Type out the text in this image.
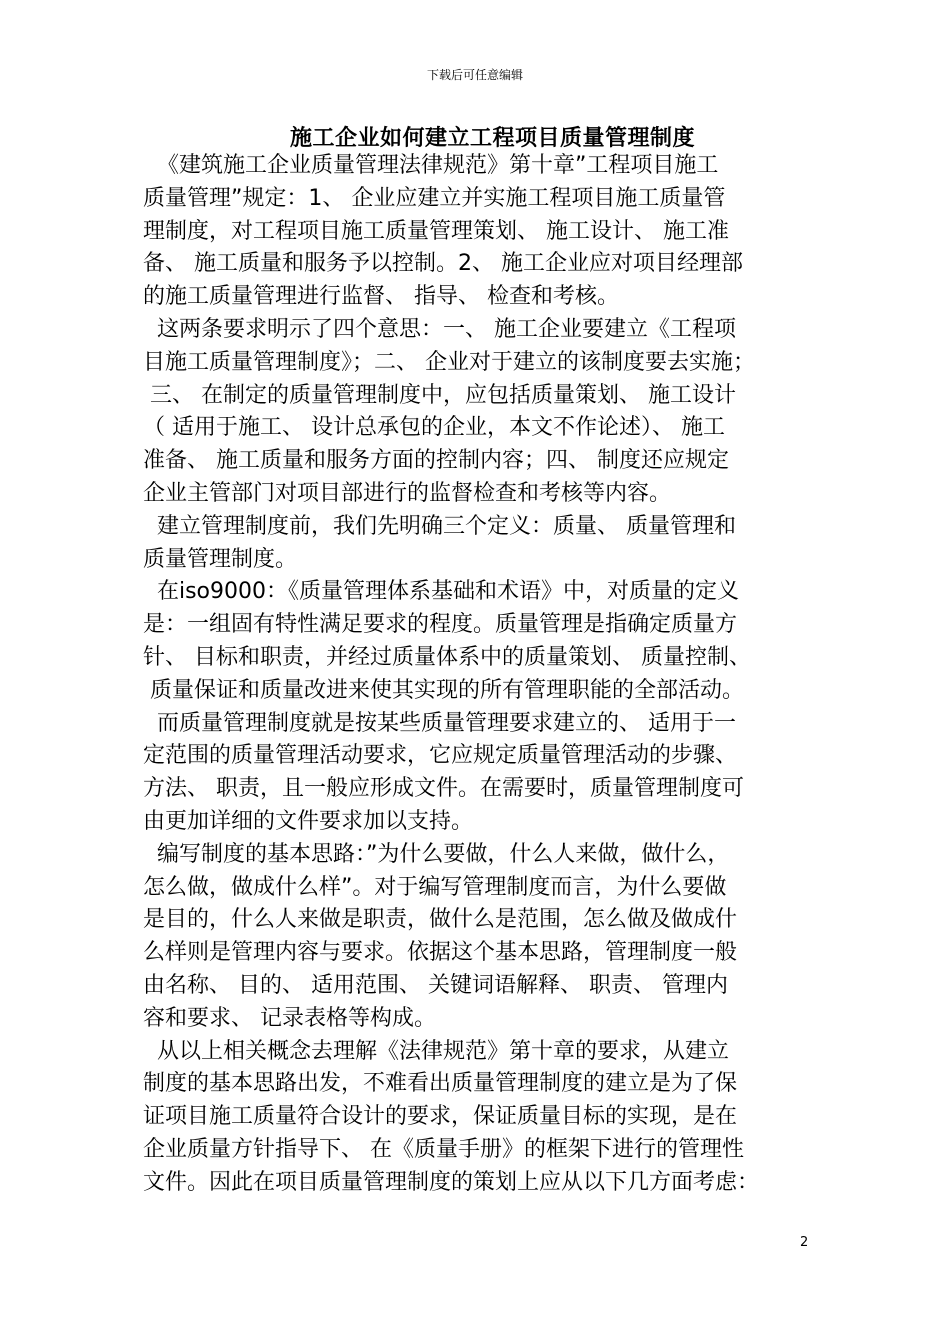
下载后可任意编辑
施工企业如何建立工程项目质量管理制度
《建筑施工企业质量管理法律规范》第十章”工程项目施工
质量管理”规定：1、 企业应建立并实施工程项目施工质量管
理制度，对工程项目施工质量管理策划、 施工设计、 施工准
备、 施工质量和服务予以控制。2、 施工企业应对项目经理部
的施工质量管理进行监督、 指导、 检查和考核。
这两条要求明示了四个意思：一、 施工企业要建立《工程项
目施工质量管理制度》；二、 企业对于建立的该制度要去实施；
三、 在制定的质量管理制度中，应包括质量策划、 施工设计
（ 适用于施工、 设计总承包的企业，本文不作论述）、 施工
准备、 施工质量和服务方面的控制内容；四、 制度还应规定
企业主管部门对项目部进行的监督检查和考核等内容。
建立管理制度前，我们先明确三个定义：质量、 质量管理和
质量管理制度。
在iso9000：《质量管理体系基础和术语》中，对质量的定义
是：一组固有特性满足要求的程度。质量管理是指确定质量方
针、 目标和职责，并经过质量体系中的质量策划、 质量控制、
质量保证和质量改进来使其实现的所有管理职能的全部活动。
而质量管理制度就是按某些质量管理要求建立的、 适用于一
定范围的质量管理活动要求，它应规定质量管理活动的步骤、
方法、 职责，且一般应形成文件。在需要时，质量管理制度可
由更加详细的文件要求加以支持。
编写制度的基本思路：”为什么要做，什么人来做，做什么，
怎么做，做成什么样”。对于编写管理制度而言，为什么要做
是目的，什么人来做是职责，做什么是范围，怎么做及做成什
么样则是管理内容与要求。依据这个基本思路，管理制度一般
由名称、 目的、 适用范围、 关键词语解释、 职责、 管理内
容和要求、 记录表格等构成。
从以上相关概念去理解《法律规范》第十章的要求，从建立
制度的基本思路出发，不难看出质量管理制度的建立是为了保
证项目施工质量符合设计的要求，保证质量目标的实现，是在
企业质量方针指导下、 在《质量手册》的框架下进行的管理性
文件。因此在项目质量管理制度的策划上应从以下几方面考虑：
2
